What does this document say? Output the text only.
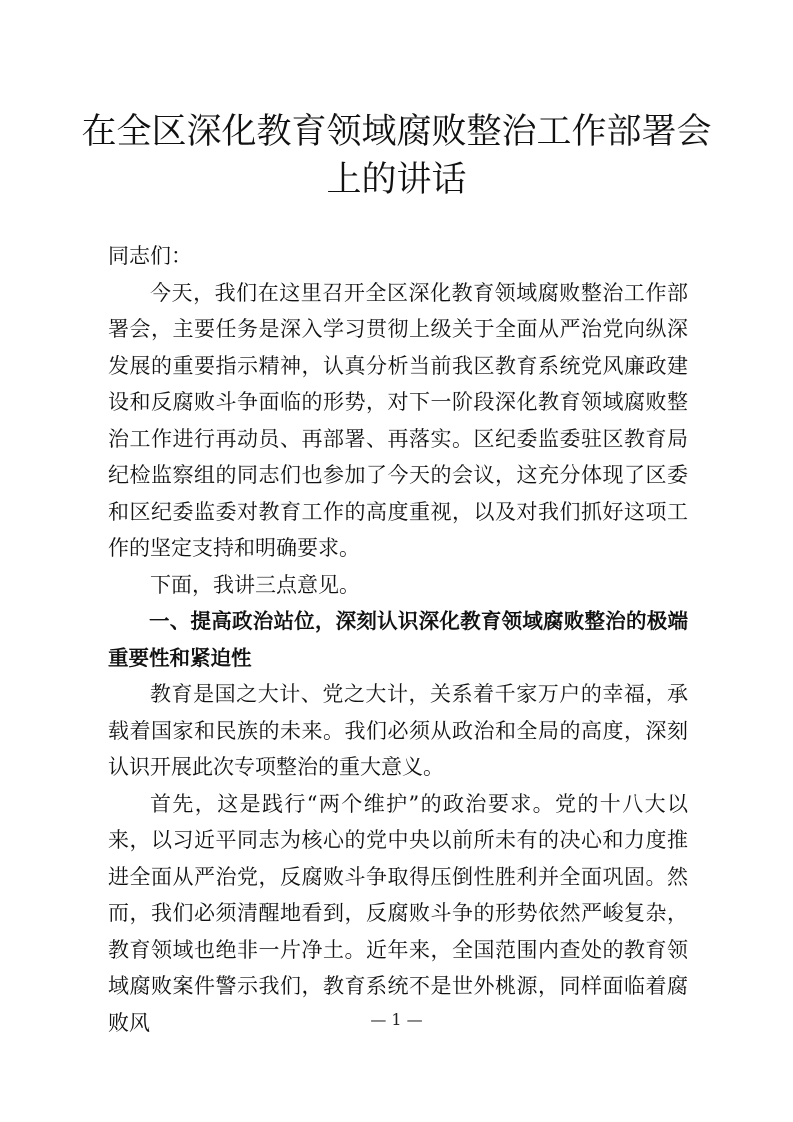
在全区深化教育领域腐败整治工作部署会上的讲话

同志们：

今天，我们在这里召开全区深化教育领域腐败整治工作部署会，主要任务是深入学习贯彻上级关于全面从严治党向纵深发展的重要指示精神，认真分析当前我区教育系统党风廉政建设和反腐败斗争面临的形势，对下一阶段深化教育领域腐败整治工作进行再动员、再部署、再落实。区纪委监委驻区教育局纪检监察组的同志们也参加了今天的会议，这充分体现了区委和区纪委监委对教育工作的高度重视，以及对我们抓好这项工作的坚定支持和明确要求。

下面，我讲三点意见。

一、提高政治站位，深刻认识深化教育领域腐败整治的极端重要性和紧迫性

教育是国之大计、党之大计，关系着千家万户的幸福，承载着国家和民族的未来。我们必须从政治和全局的高度，深刻认识开展此次专项整治的重大意义。

首先，这是践行“两个维护”的政治要求。党的十八大以来，以习近平同志为核心的党中央以前所未有的决心和力度推进全面从严治党，反腐败斗争取得压倒性胜利并全面巩固。然而，我们必须清醒地看到，反腐败斗争的形势依然严峻复杂，教育领域也绝非一片净土。近年来，全国范围内查处的教育领域腐败案件警示我们，教育系统不是世外桃源，同样面临着腐败风	— 1 —
